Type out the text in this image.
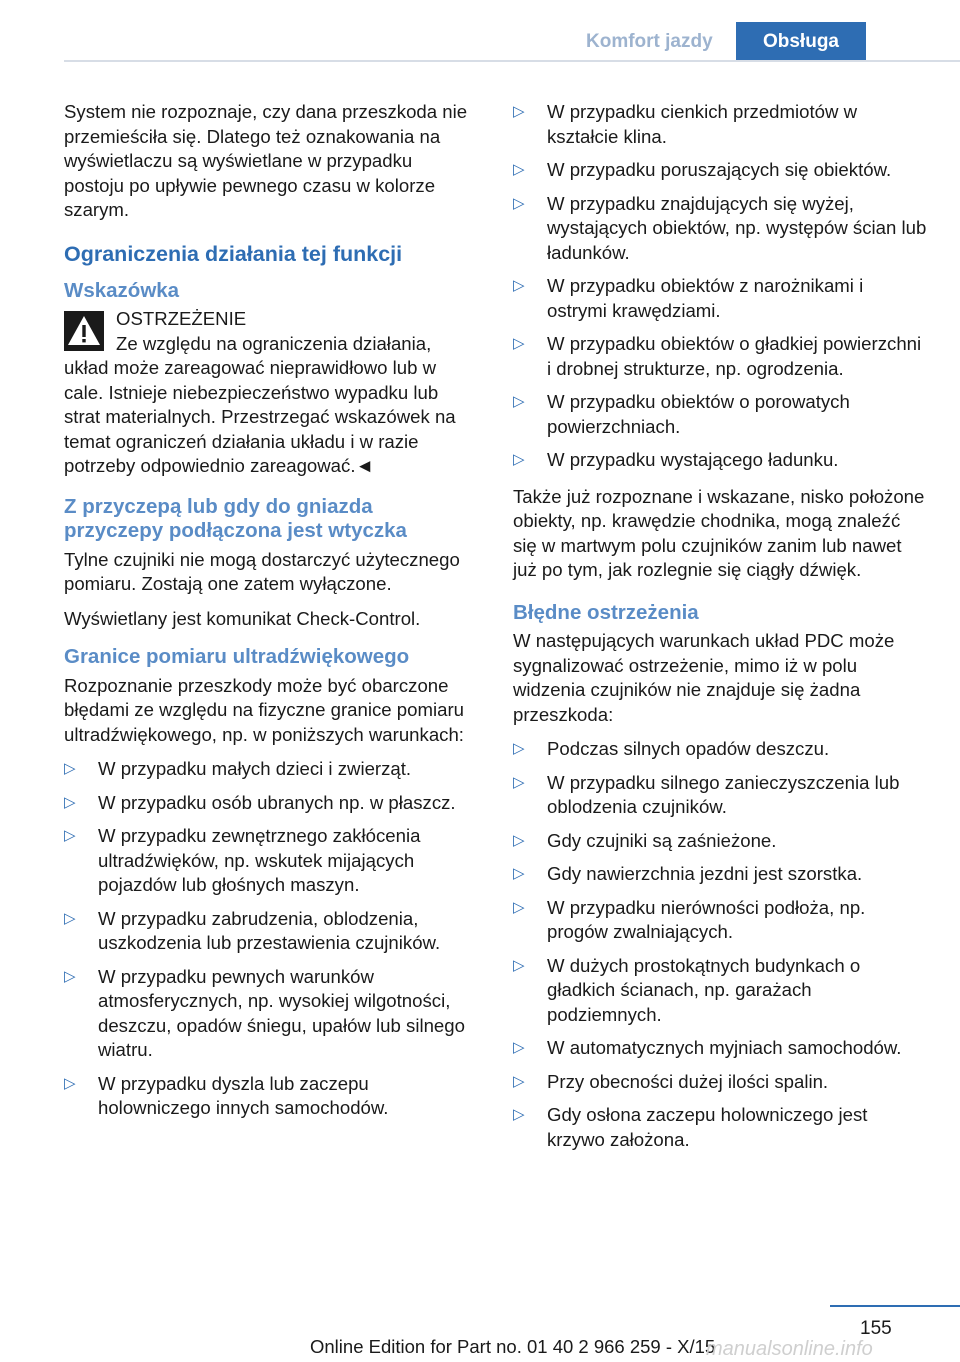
Komfort jazdy	Obsługa

System nie rozpoznaje, czy dana przeszkoda nie przemieściła się. Dlatego też oznakowania na wyświetlaczu są wyświetlane w przypadku postoju po upływie pewnego czasu w kolorze szarym.

Ograniczenia działania tej funkcji
Wskazówka

OSTRZEŻENIE

Ze względu na ograniczenia działania,

układ może zareagować nieprawidłowo lub w cale. Istnieje niebezpieczeństwo wypadku lub strat materialnych. Przestrzegać wskazówek na temat ograniczeń działania układu i w razie potrzeby odpowiednio zareagować.◄

Z przyczepą lub gdy do gniazda przyczepy podłączona jest wtyczka

Tylne czujniki nie mogą dostarczyć użytecznego pomiaru. Zostają one zatem wyłączone.

Wyświetlany jest komunikat Check-Control.

Granice pomiaru ultradźwiękowego

Rozpoznanie przeszkody może być obarczone błędami ze względu na fizyczne granice pomiaru ultradźwiękowego, np. w poniższych warunkach:

▷ W przypadku małych dzieci i zwierząt.
▷ W przypadku osób ubranych np. w płaszcz.
▷ W przypadku zewnętrznego zakłócenia ultradźwięków, np. wskutek mijających pojazdów lub głośnych maszyn.
▷ W przypadku zabrudzenia, oblodzenia, uszkodzenia lub przestawienia czujników.
▷ W przypadku pewnych warunków atmosferycznych, np. wysokiej wilgotności, deszczu, opadów śniegu, upałów lub silnego wiatru.
▷ W przypadku dyszla lub zaczepu holowniczego innych samochodów.
▷ W przypadku cienkich przedmiotów w kształcie klina.
▷ W przypadku poruszających się obiektów.
▷ W przypadku znajdujących się wyżej, wystających obiektów, np. występów ścian lub ładunków.
▷ W przypadku obiektów z narożnikami i ostrymi krawędziami.
▷ W przypadku obiektów o gładkiej powierzchni i drobnej strukturze, np. ogrodzenia.
▷ W przypadku obiektów o porowatych powierzchniach.
▷ W przypadku wystającego ładunku.

Także już rozpoznane i wskazane, nisko położone obiekty, np. krawędzie chodnika, mogą znaleźć się w martwym polu czujników zanim lub nawet już po tym, jak rozlegnie się ciągły dźwięk.

Błędne ostrzeżenia

W następujących warunkach układ PDC może sygnalizować ostrzeżenie, mimo iż w polu widzenia czujników nie znajduje się żadna przeszkoda:

▷ Podczas silnych opadów deszczu.
▷ W przypadku silnego zanieczyszczenia lub oblodzenia czujników.
▷ Gdy czujniki są zaśnieżone.
▷ Gdy nawierzchnia jezdni jest szorstka.
▷ W przypadku nierówności podłoża, np. progów zwalniających.
▷ W dużych prostokątnych budynkach o gładkich ścianach, np. garażach podziemnych.
▷ W automatycznych myjniach samochodów.
▷ Przy obecności dużej ilości spalin.
▷ Gdy osłona zaczepu holowniczego jest krzywo założona.
155
Online Edition for Part no. 01 40 2 966 259 - X/15
manualsonline.info
